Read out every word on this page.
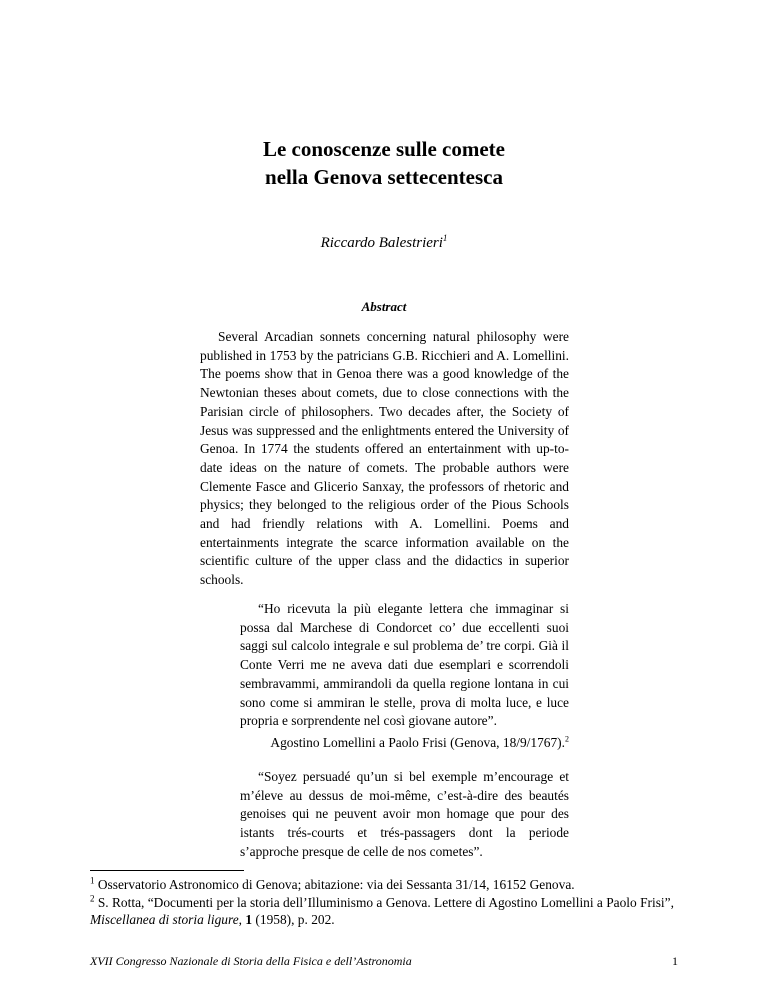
Le conoscenze sulle comete
nella Genova settecentesca
Riccardo Balestrieri$^1$
Abstract

Several Arcadian sonnets concerning natural philosophy were published in 1753 by the patricians G.B. Ricchieri and A. Lomellini. The poems show that in Genoa there was a good knowledge of the Newtonian theses about comets, due to close connections with the Parisian circle of philosophers. Two decades after, the Society of Jesus was suppressed and the enlightments entered the University of Genoa. In 1774 the students offered an entertainment with up-to-date ideas on the nature of comets. The probable authors were Clemente Fasce and Glicerio Sanxay, the professors of rhetoric and physics; they belonged to the religious order of the Pious Schools and had friendly relations with A. Lomellini. Poems and entertainments integrate the scarce information available on the scientific culture of the upper class and the didactics in superior schools.

“Ho ricevuta la più elegante lettera che immaginar si possa dal Marchese di Condorcet co’ due eccellenti suoi saggi sul calcolo integrale e sul problema de’ tre corpi. Già il Conte Verri me ne aveva dati due esemplari e scorrendoli sembravammi, ammirandoli da quella regione lontana in cui sono come si ammiran le stelle, prova di molta luce, e luce propria e sorprendente nel così giovane autore”.

Agostino Lomellini a Paolo Frisi (Genova, 18/9/1767).$^2$

“Soyez persuadé qu’un si bel exemple m’encourage et m’éleve au dessus de moi-même, c’est-à-dire des beautés genoises qui ne peuvent avoir mon homage que pour des istants trés-courts et trés-passagers dont la periode s’approche presque de celle de nos cometes”.

$^1$ Osservatorio Astronomico di Genova; abitazione: via dei Sessanta 31/14, 16152 Genova.

$^2$ S. Rotta, “Documenti per la storia dell’Illuminismo a Genova. Lettere di Agostino Lomellini a Paolo Frisi”, Miscellanea di storia ligure, 1 (1958), p. 202.

XVII Congresso Nazionale di Storia della Fisica e dell’Astronomia	1
